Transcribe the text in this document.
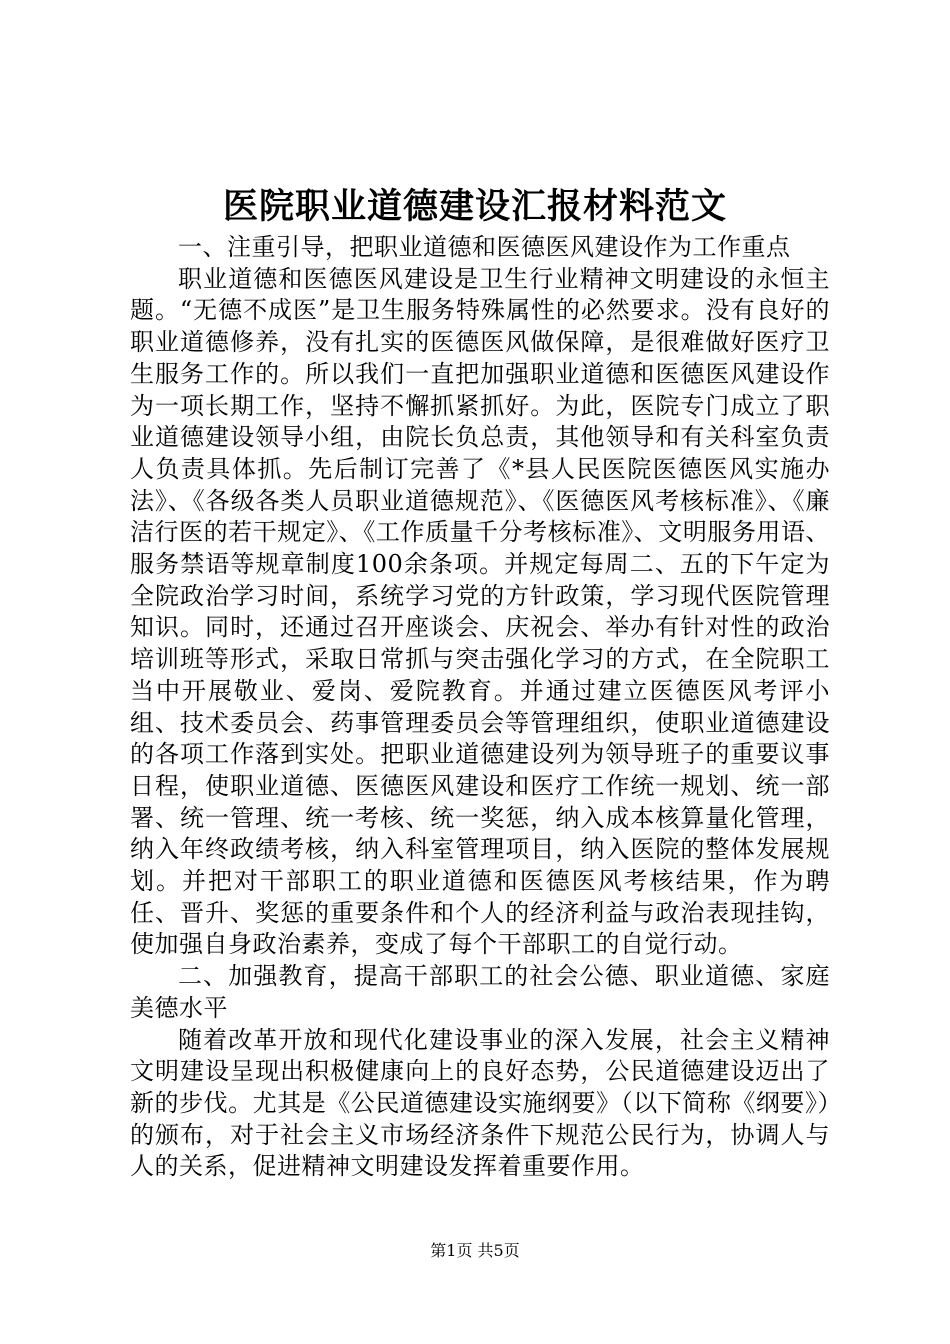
医院职业道德建设汇报材料范文

一、注重引导，把职业道德和医德医风建设作为工作重点

职业道德和医德医风建设是卫生行业精神文明建设的永恒主题。“无德不成医”是卫生服务特殊属性的必然要求。没有良好的职业道德修养，没有扎实的医德医风做保障，是很难做好医疗卫生服务工作的。所以我们一直把加强职业道德和医德医风建设作为一项长期工作，坚持不懈抓紧抓好。为此，医院专门成立了职业道德建设领导小组，由院长负总责，其他领导和有关科室负责人负责具体抓。先后制订完善了《*县人民医院医德医风实施办法》、《各级各类人员职业道德规范》、《医德医风考核标准》、《廉洁行医的若干规定》、《工作质量千分考核标准》、文明服务用语、服务禁语等规章制度100余条项。并规定每周二、五的下午定为全院政治学习时间，系统学习党的方针政策，学习现代医院管理知识。同时，还通过召开座谈会、庆祝会、举办有针对性的政治培训班等形式，采取日常抓与突击强化学习的方式，在全院职工当中开展敬业、爱岗、爱院教育。并通过建立医德医风考评小组、技术委员会、药事管理委员会等管理组织，使职业道德建设的各项工作落到实处。把职业道德建设列为领导班子的重要议事日程，使职业道德、医德医风建设和医疗工作统一规划、统一部署、统一管理、统一考核、统一奖惩，纳入成本核算量化管理，纳入年终政绩考核，纳入科室管理项目，纳入医院的整体发展规划。并把对干部职工的职业道德和医德医风考核结果，作为聘任、晋升、奖惩的重要条件和个人的经济利益与政治表现挂钩，使加强自身政治素养，变成了每个干部职工的自觉行动。

二、加强教育，提高干部职工的社会公德、职业道德、家庭美德水平

随着改革开放和现代化建设事业的深入发展，社会主义精神文明建设呈现出积极健康向上的良好态势，公民道德建设迈出了新的步伐。尤其是《公民道德建设实施纲要》（以下简称《纲要》）的颁布，对于社会主义市场经济条件下规范公民行为，协调人与人的关系，促进精神文明建设发挥着重要作用。

第1页 共5页
